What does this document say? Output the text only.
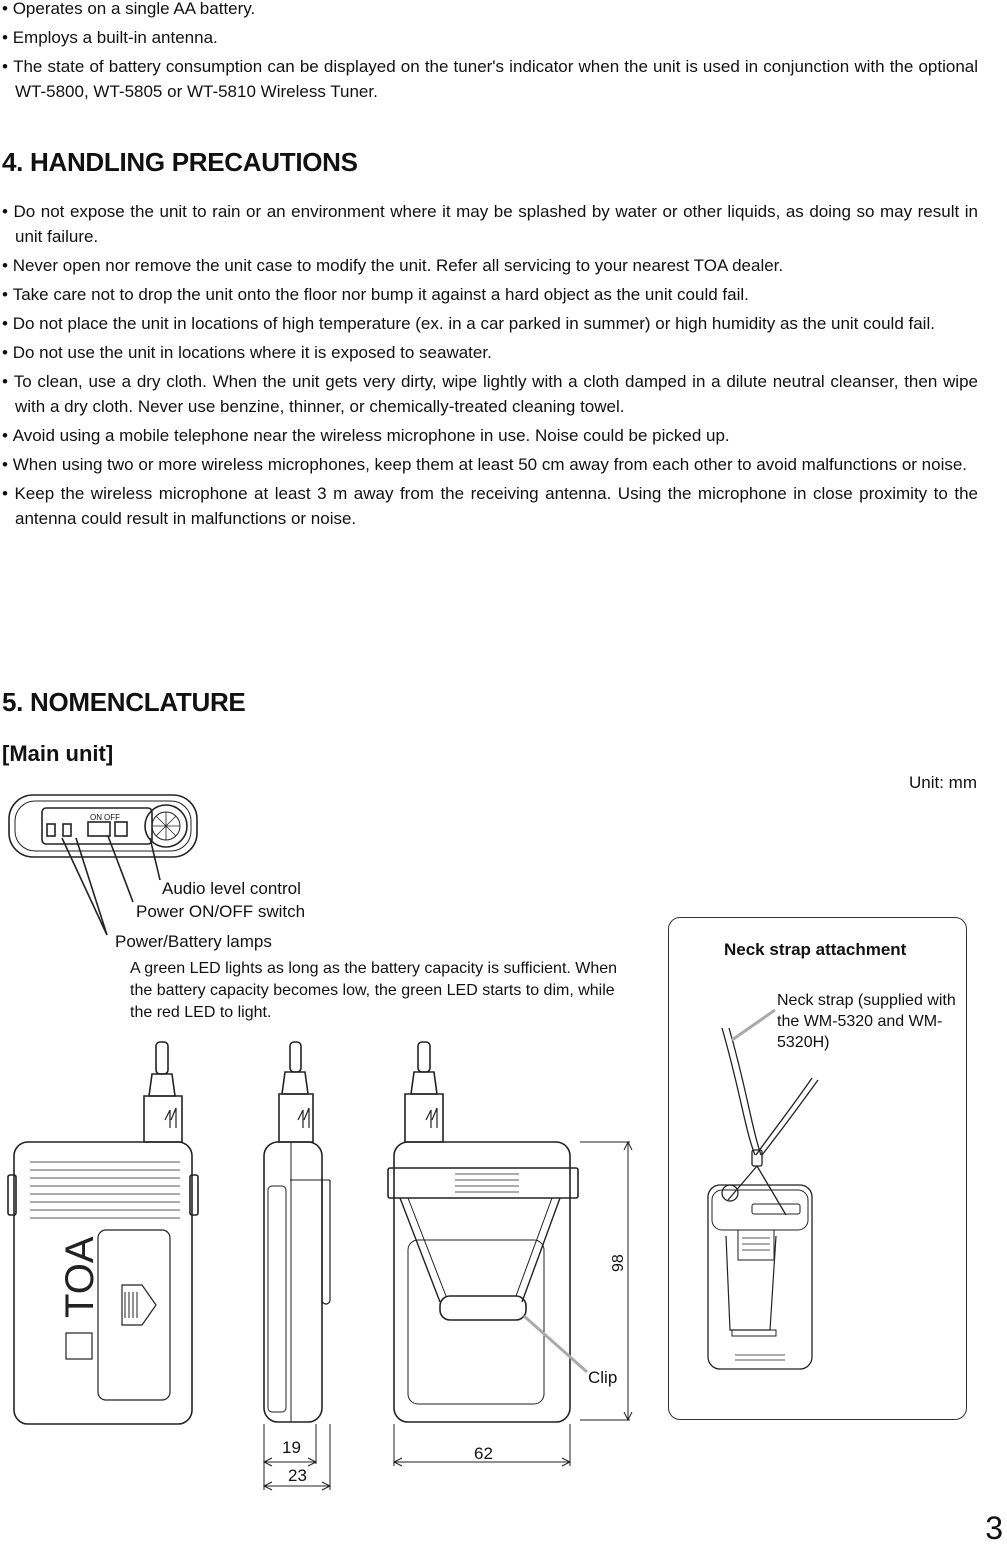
• Operates on a single AA battery.
• Employs a built-in antenna.
• The state of battery consumption can be displayed on the tuner's indicator when the unit is used in conjunction with the optional WT-5800, WT-5805 or WT-5810 Wireless Tuner.
4. HANDLING PRECAUTIONS
• Do not expose the unit to rain or an environment where it may be splashed by water or other liquids, as doing so may result in unit failure.
• Never open nor remove the unit case to modify the unit. Refer all servicing to your nearest TOA dealer.
• Take care not to drop the unit onto the floor nor bump it against a hard object as the unit could fail.
• Do not place the unit in locations of high temperature (ex. in a car parked in summer) or high humidity as the unit could fail.
• Do not use the unit in locations where it is exposed to seawater.
• To clean, use a dry cloth. When the unit gets very dirty, wipe lightly with a cloth damped in a dilute neutral cleanser, then wipe with a dry cloth. Never use benzine, thinner, or chemically-treated cleaning towel.
• Avoid using a mobile telephone near the wireless microphone in use. Noise could be picked up.
• When using two or more wireless microphones, keep them at least 50 cm away from each other to avoid malfunctions or noise.
• Keep the wireless microphone at least 3 m away from the receiving antenna. Using the microphone in close proximity to the antenna could result in malfunctions or noise.
5. NOMENCLATURE
[Main unit]
Unit: mm
ON OFF
TOA
Audio level control
Power ON/OFF switch
Power/Battery lamps
A green LED lights as long as the battery capacity is sufficient. When the battery capacity becomes low, the green LED starts to dim, while the red LED to light.
Clip
98
62
19
23
Neck strap attachment
Neck strap (supplied with the WM-5320 and WM-5320H)
3
